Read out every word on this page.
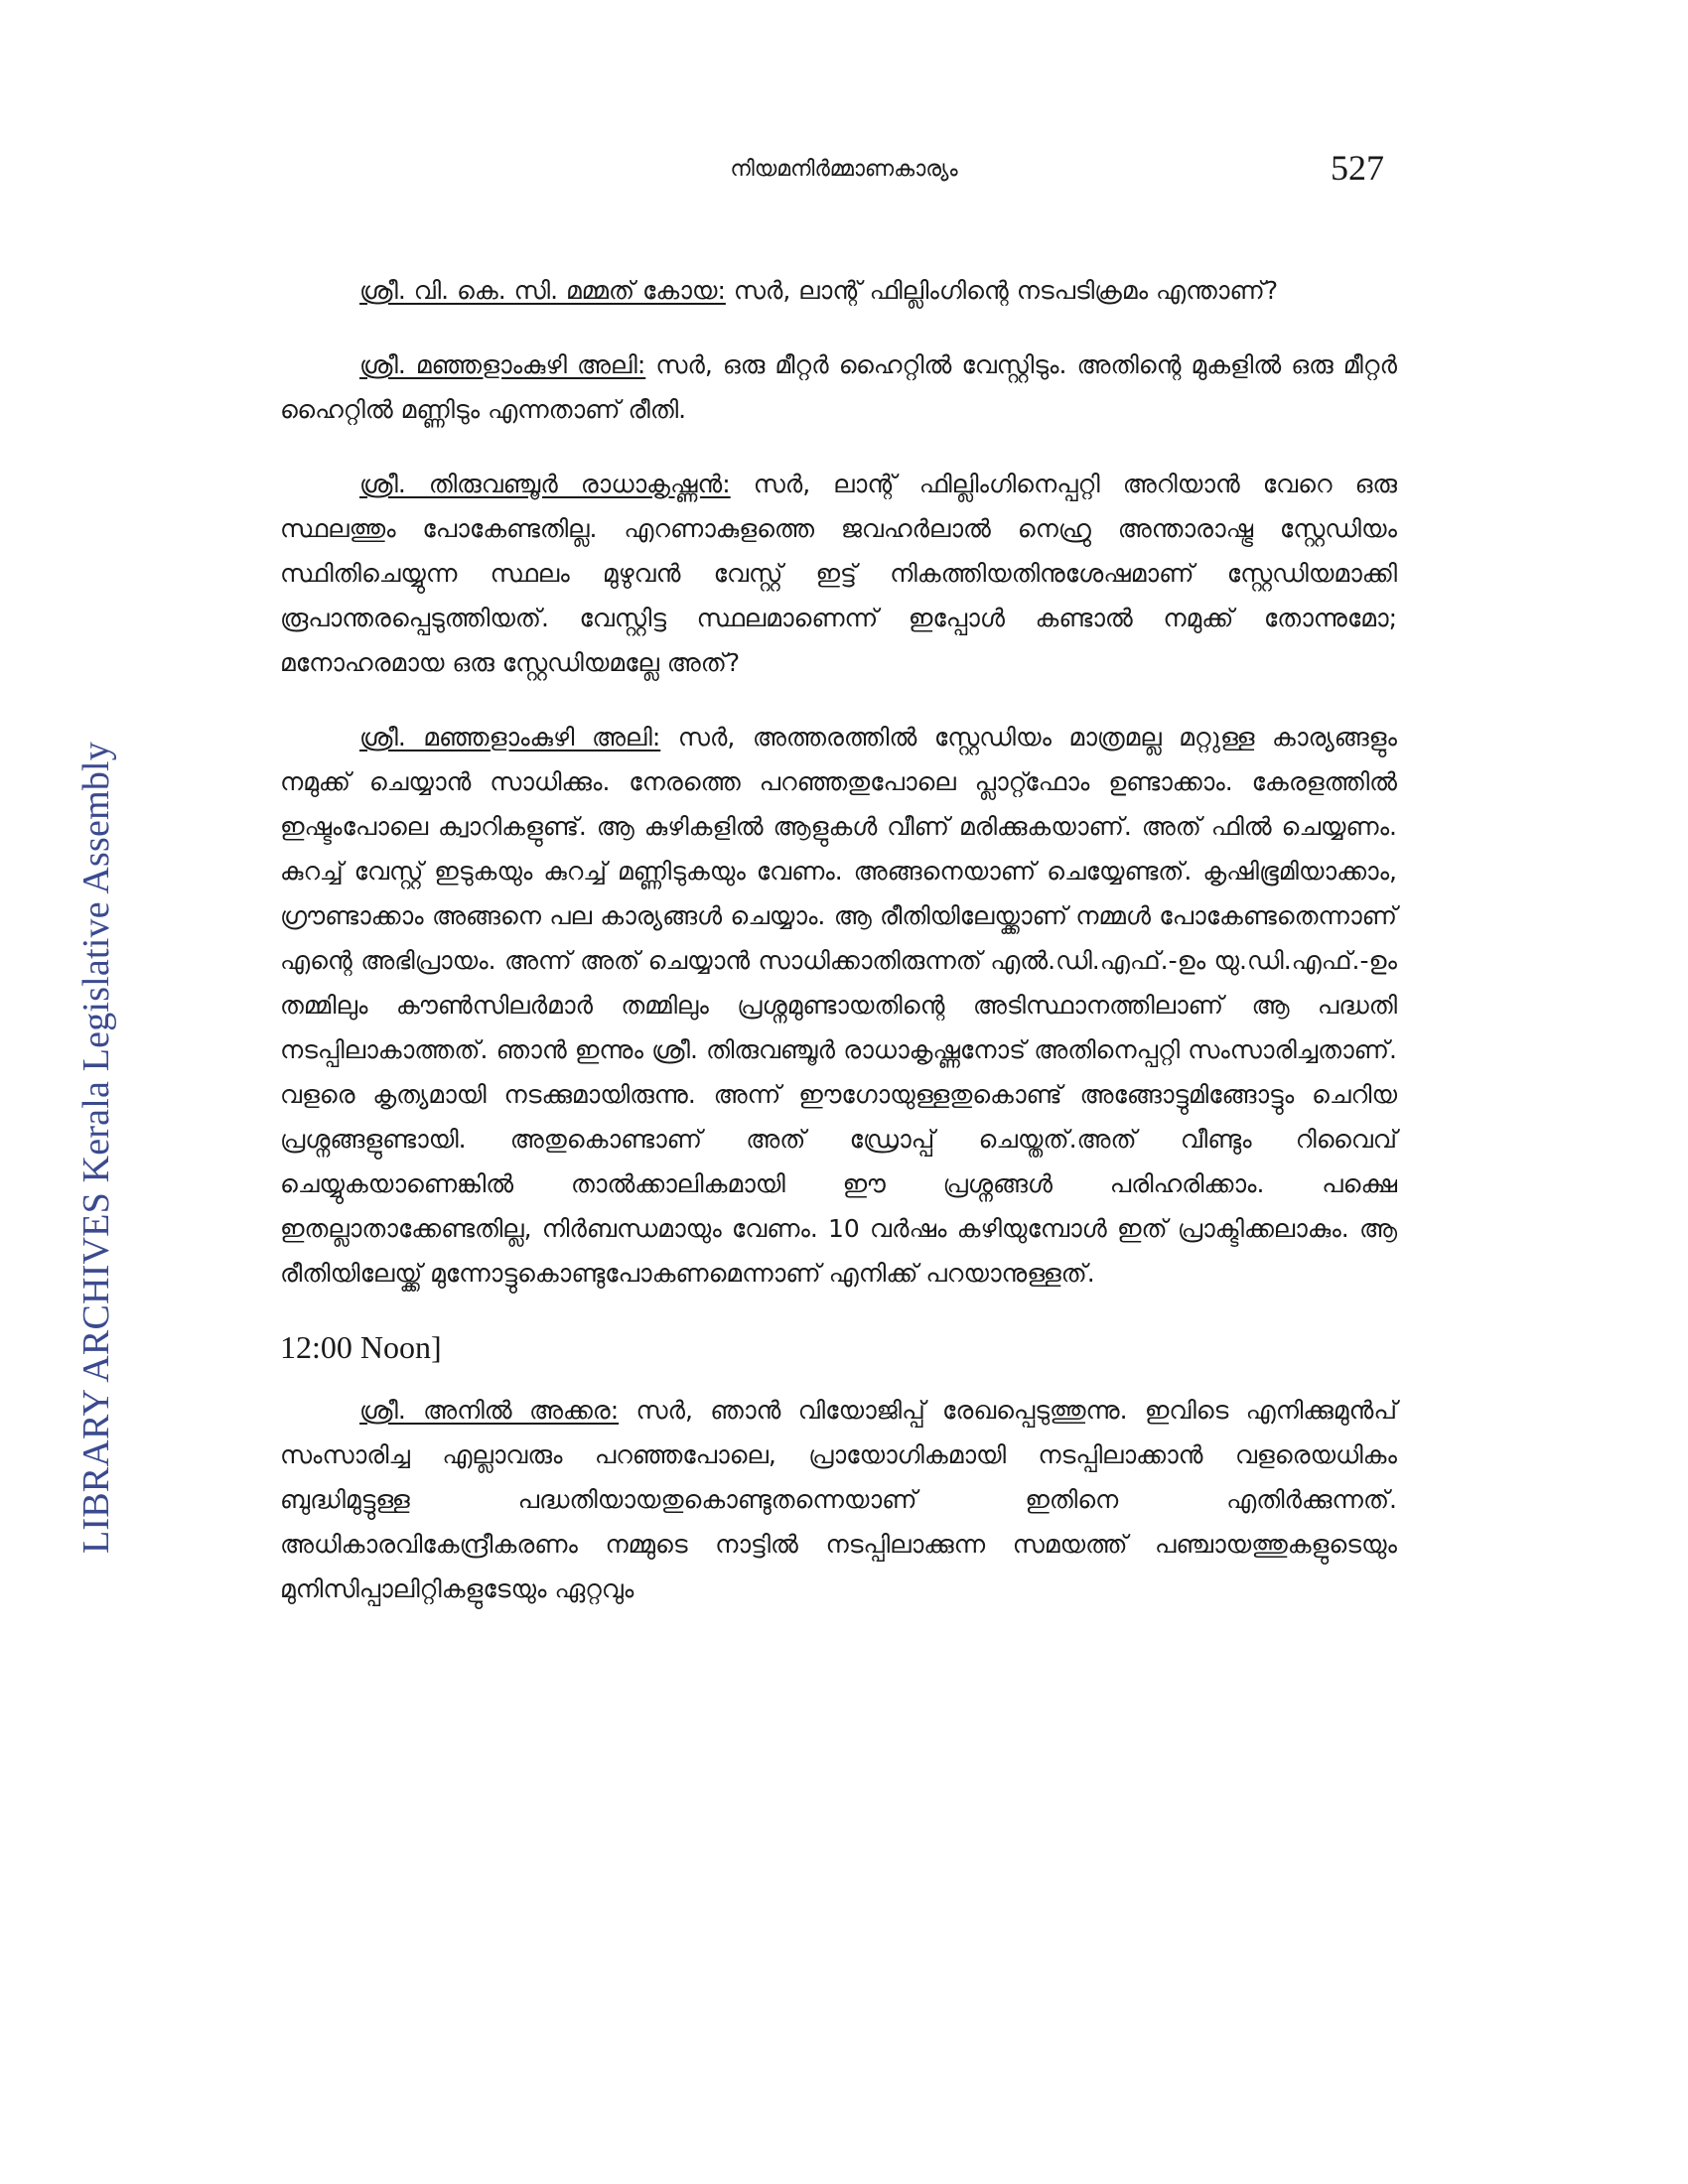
നിയമനിർമ്മാണകാര്യം	527
LIBRARY ARCHIVES Kerala Legislative Assembly

ശ്രീ. വി. കെ. സി. മമ്മത് കോയ: സർ, ലാന്റ് ഫില്ലിംഗിന്റെ നടപടിക്രമം എന്താണ്?

ശ്രീ. മഞ്ഞളാംകുഴി അലി: സർ, ഒരു മീറ്റർ ഹൈറ്റിൽ വേസ്റ്റിടും. അതിന്റെ മുകളിൽ ഒരു മീറ്റർ ഹൈറ്റിൽ മണ്ണിടും എന്നതാണ് രീതി.

ശ്രീ. തിരുവഞ്ചൂർ രാധാകൃഷ്ണൻ: സർ, ലാന്റ് ഫില്ലിംഗിനെപ്പറ്റി അറിയാൻ വേറെ ഒരു സ്ഥലത്തും പോകേണ്ടതില്ല. എറണാകുളത്തെ ജവഹർലാൽ നെഹ്രു അന്താരാഷ്ട്ര സ്റ്റേഡിയം സ്ഥിതിചെയ്യുന്ന സ്ഥലം മുഴുവൻ വേസ്റ്റ് ഇട്ട് നികത്തിയതിനുശേഷമാണ് സ്റ്റേഡിയമാക്കി രൂപാന്തരപ്പെടുത്തിയത്. വേസ്റ്റിട്ട സ്ഥലമാണെന്ന് ഇപ്പോൾ കണ്ടാൽ നമുക്ക് തോന്നുമോ; മനോഹരമായ ഒരു സ്റ്റേഡിയമല്ലേ അത്?

ശ്രീ. മഞ്ഞളാംകുഴി അലി: സർ, അത്തരത്തിൽ സ്റ്റേഡിയം മാത്രമല്ല മറ്റുള്ള കാര്യങ്ങളും നമുക്ക് ചെയ്യാൻ സാധിക്കും. നേരത്തെ പറഞ്ഞതുപോലെ പ്ലാറ്റ്ഫോം ഉണ്ടാക്കാം. കേരളത്തിൽ ഇഷ്ടംപോലെ ക്വാറികളുണ്ട്. ആ കുഴികളിൽ ആളുകൾ വീണ് മരിക്കുകയാണ്. അത് ഫിൽ ചെയ്യണം. കുറച്ച് വേസ്റ്റ് ഇടുകയും കുറച്ച് മണ്ണിടുകയും വേണം. അങ്ങനെയാണ് ചെയ്യേണ്ടത്. കൃഷിഭൂമിയാക്കാം, ഗ്രൗണ്ടാക്കാം അങ്ങനെ പല കാര്യങ്ങൾ ചെയ്യാം. ആ രീതിയിലേയ്ക്കാണ് നമ്മൾ പോകേണ്ടതെന്നാണ് എന്റെ അഭിപ്രായം. അന്ന് അത് ചെയ്യാൻ സാധിക്കാതിരുന്നത് എൽ.ഡി.എഫ്.-ഉം യു.ഡി.എഫ്.-ഉം തമ്മിലും കൗൺസിലർമാർ തമ്മിലും പ്രശ്നമുണ്ടായതിന്റെ അടിസ്ഥാനത്തിലാണ് ആ പദ്ധതി നടപ്പിലാകാത്തത്. ഞാൻ ഇന്നും ശ്രീ. തിരുവഞ്ചൂർ രാധാകൃഷ്ണനോട് അതിനെപ്പറ്റി സംസാരിച്ചതാണ്. വളരെ കൃത്യമായി നടക്കുമായിരുന്നു. അന്ന് ഈഗോയുള്ളതുകൊണ്ട് അങ്ങോട്ടുമിങ്ങോട്ടും ചെറിയ പ്രശ്നങ്ങളുണ്ടായി. അതുകൊണ്ടാണ് അത് ഡ്രോപ്പ് ചെയ്തത്.അത് വീണ്ടും റിവൈവ് ചെയ്യുകയാണെങ്കിൽ താൽക്കാലികമായി ഈ പ്രശ്നങ്ങൾ പരിഹരിക്കാം. പക്ഷെ ഇതല്ലാതാക്കേണ്ടതില്ല, നിർബന്ധമായും വേണം. 10 വർഷം കഴിയുമ്പോൾ ഇത് പ്രാക്ടിക്കലാകും. ആ രീതിയിലേയ്ക്ക് മുന്നോട്ടുകൊണ്ടുപോകണമെന്നാണ് എനിക്ക് പറയാനുള്ളത്.

12:00 Noon]

ശ്രീ. അനിൽ അക്കര: സർ, ഞാൻ വിയോജിപ്പ് രേഖപ്പെടുത്തുന്നു. ഇവിടെ എനിക്കുമുൻപ് സംസാരിച്ച എല്ലാവരും പറഞ്ഞപോലെ, പ്രായോഗികമായി നടപ്പിലാക്കാൻ വളരെയധികം ബുദ്ധിമുട്ടുള്ള പദ്ധതിയായതുകൊണ്ടുതന്നെയാണ് ഇതിനെ എതിർക്കുന്നത്. അധികാരവികേന്ദ്രീകരണം നമ്മുടെ നാട്ടിൽ നടപ്പിലാക്കുന്ന സമയത്ത് പഞ്ചായത്തുകളുടെയും മുനിസിപ്പാലിറ്റികളുടേയും ഏറ്റവും
